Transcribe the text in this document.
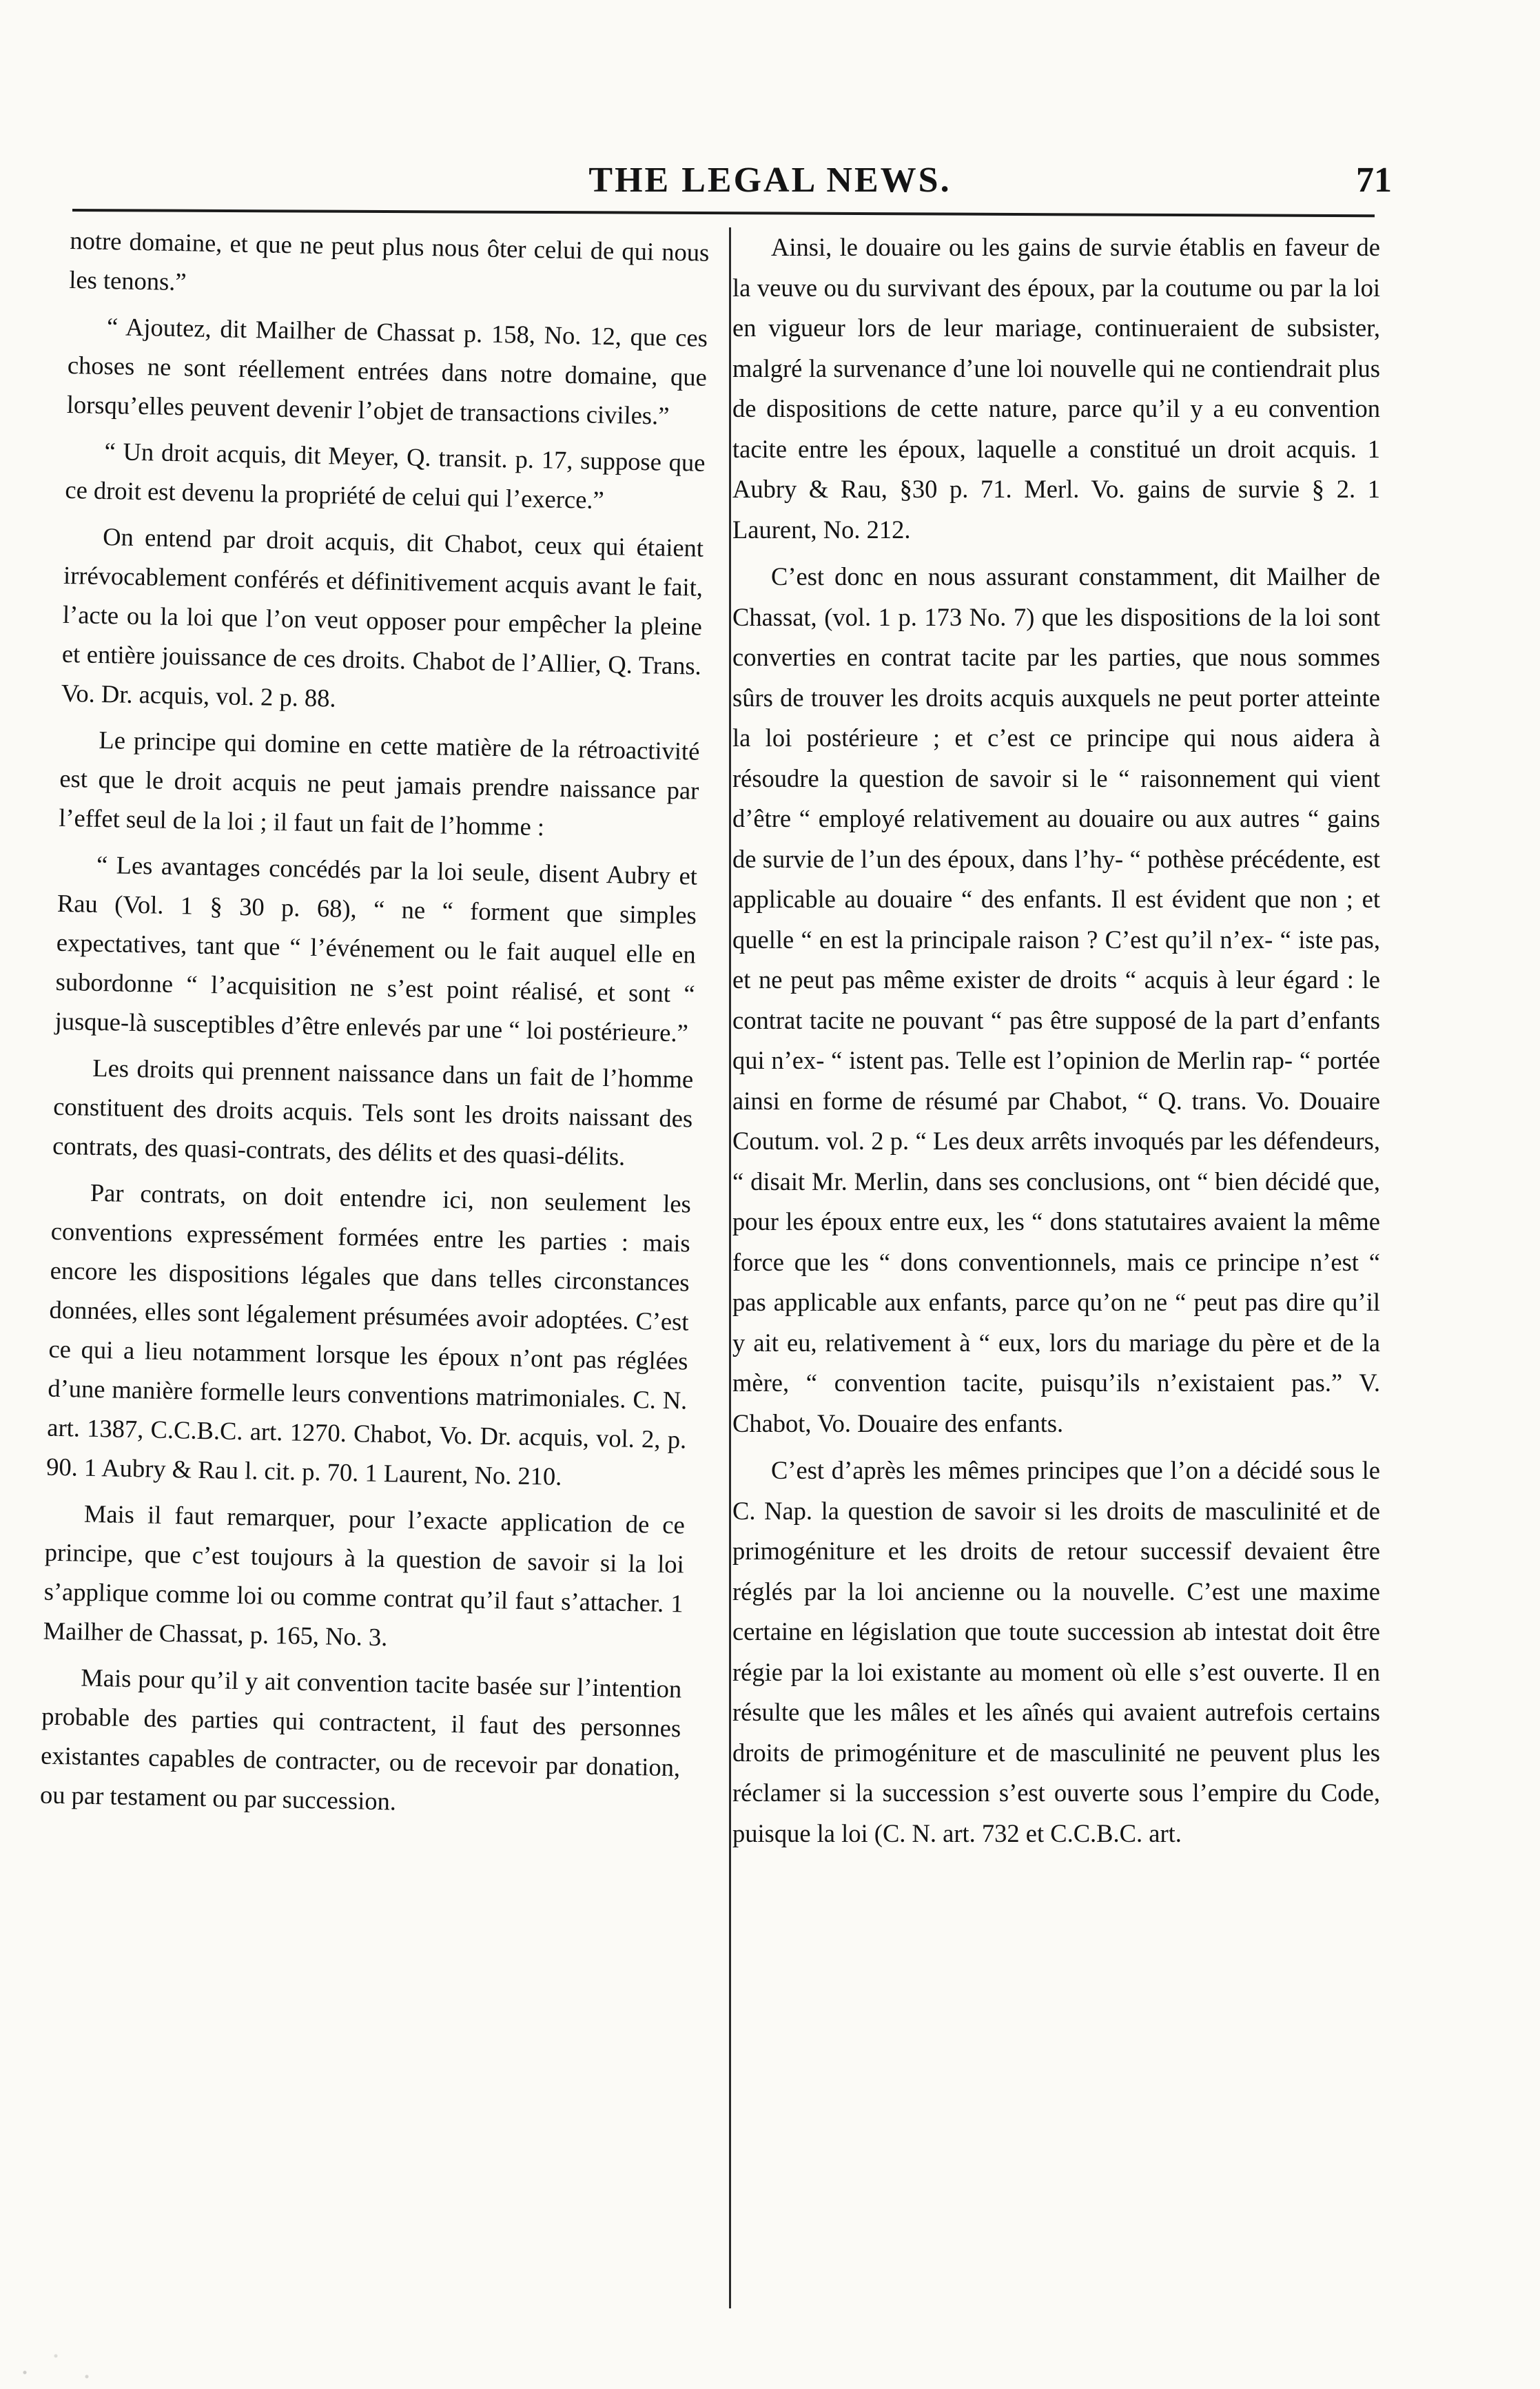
THE LEGAL NEWS.	71

notre domaine, et que ne peut plus nous ôter celui de qui nous les tenons.”

“ Ajoutez, dit Mailher de Chassat p. 158, No. 12, que ces choses ne sont réellement entrées dans notre domaine, que lorsqu’elles peuvent devenir l’objet de transactions civiles.”

“ Un droit acquis, dit Meyer, Q. transit. p. 17, suppose que ce droit est devenu la propriété de celui qui l’exerce.”

On entend par droit acquis, dit Chabot, ceux qui étaient irrévocablement conférés et définitivement acquis avant le fait, l’acte ou la loi que l’on veut opposer pour empêcher la pleine et entière jouissance de ces droits. Chabot de l’Allier, Q. Trans. Vo. Dr. acquis, vol. 2 p. 88.

Le principe qui domine en cette matière de la rétroactivité est que le droit acquis ne peut jamais prendre naissance par l’effet seul de la loi ; il faut un fait de l’homme :

“ Les avantages concédés par la loi seule, disent Aubry et Rau (Vol. 1 § 30 p. 68), “ ne “ forment que simples expectatives, tant que “ l’événement ou le fait auquel elle en subordonne “ l’acquisition ne s’est point réalisé, et sont “ jusque-là susceptibles d’être enlevés par une “ loi postérieure.”

Les droits qui prennent naissance dans un fait de l’homme constituent des droits acquis. Tels sont les droits naissant des contrats, des quasi-contrats, des délits et des quasi-délits.

Par contrats, on doit entendre ici, non seulement les conventions expressément formées entre les parties : mais encore les dispositions légales que dans telles circonstances données, elles sont légalement présumées avoir adoptées. C’est ce qui a lieu notamment lorsque les époux n’ont pas réglées d’une manière formelle leurs conventions matrimoniales. C. N. art. 1387, C.C.B.C. art. 1270. Chabot, Vo. Dr. acquis, vol. 2, p. 90. 1 Aubry & Rau l. cit. p. 70. 1 Laurent, No. 210.

Mais il faut remarquer, pour l’exacte application de ce principe, que c’est toujours à la question de savoir si la loi s’applique comme loi ou comme contrat qu’il faut s’attacher. 1 Mailher de Chassat, p. 165, No. 3.

Mais pour qu’il y ait convention tacite basée sur l’intention probable des parties qui contractent, il faut des personnes existantes capables de contracter, ou de recevoir par donation, ou par testament ou par succession.

Ainsi, le douaire ou les gains de survie établis en faveur de la veuve ou du survivant des époux, par la coutume ou par la loi en vigueur lors de leur mariage, continueraient de subsister, malgré la survenance d’une loi nouvelle qui ne contiendrait plus de dispositions de cette nature, parce qu’il y a eu convention tacite entre les époux, laquelle a constitué un droit acquis. 1 Aubry & Rau, §30 p. 71. Merl. Vo. gains de survie § 2. 1 Laurent, No. 212.

C’est donc en nous assurant constamment, dit Mailher de Chassat, (vol. 1 p. 173 No. 7) que les dispositions de la loi sont converties en contrat tacite par les parties, que nous sommes sûrs de trouver les droits acquis auxquels ne peut porter atteinte la loi postérieure ; et c’est ce principe qui nous aidera à résoudre la question de savoir si le “ raisonnement qui vient d’être “ employé relativement au douaire ou aux autres “ gains de survie de l’un des époux, dans l’hy- “ pothèse précédente, est applicable au douaire “ des enfants. Il est évident que non ; et quelle “ en est la principale raison ? C’est qu’il n’ex- “ iste pas, et ne peut pas même exister de droits “ acquis à leur égard : le contrat tacite ne pouvant “ pas être supposé de la part d’enfants qui n’ex- “ istent pas. Telle est l’opinion de Merlin rap- “ portée ainsi en forme de résumé par Chabot, “ Q. trans. Vo. Douaire Coutum. vol. 2 p. “ Les deux arrêts invoqués par les défendeurs, “ disait Mr. Merlin, dans ses conclusions, ont “ bien décidé que, pour les époux entre eux, les “ dons statutaires avaient la même force que les “ dons conventionnels, mais ce principe n’est “ pas applicable aux enfants, parce qu’on ne “ peut pas dire qu’il y ait eu, relativement à “ eux, lors du mariage du père et de la mère, “ convention tacite, puisqu’ils n’existaient pas.” V. Chabot, Vo. Douaire des enfants.

C’est d’après les mêmes principes que l’on a décidé sous le C. Nap. la question de savoir si les droits de masculinité et de primogéniture et les droits de retour successif devaient être réglés par la loi ancienne ou la nouvelle. C’est une maxime certaine en législation que toute succession ab intestat doit être régie par la loi existante au moment où elle s’est ouverte. Il en résulte que les mâles et les aînés qui avaient autrefois certains droits de primogéniture et de masculinité ne peuvent plus les réclamer si la succession s’est ouverte sous l’empire du Code, puisque la loi (C. N. art. 732 et C.C.B.C. art.
